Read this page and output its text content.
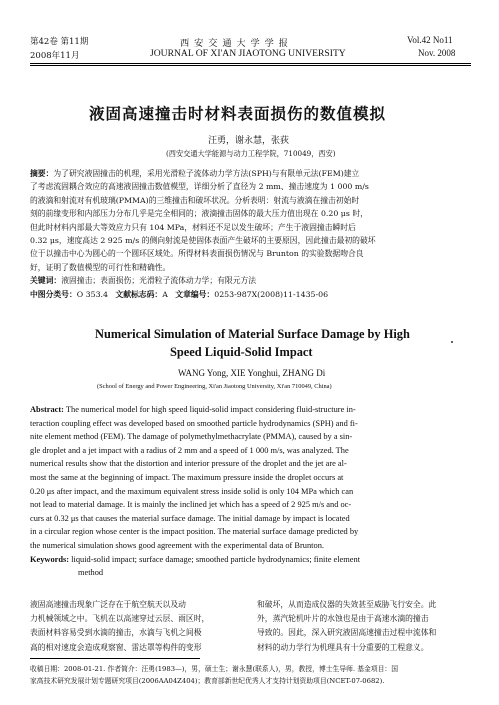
第42卷 第11期
2008年11月
西 安 交 通 大 学 学 报
JOURNAL OF XI'AN JIAOTONG UNIVERSITY
Vol.42 No11
Nov. 2008
液固高速撞击时材料表面损伤的数值模拟
汪勇，谢永慧，张荻
(西安交通大学能源与动力工程学院，710049，西安)
摘要：为了研究液固撞击的机理，采用光滑粒子流体动力学方法(SPH)与有限单元法(FEM)建立
了考虑流固耦合效应的高速液固撞击数值模型，详细分析了直径为 2 mm、撞击速度为 1 000 m/s
的液滴和射流对有机玻璃(PMMA)的三维撞击和破坏状况。分析表明：射流与液滴在撞击初始时
刻的前缘变形和内部压力分布几乎是完全相同的；液滴撞击固体的最大压力值出现在 0.20 μs 时，
但此时材料内部最大等效应力只有 104 MPa，材料还不足以发生破坏；产生于液固撞击瞬时后
0.32 μs，速度高达 2 925 m/s 的侧向射流是使固体表面产生破坏的主要原因，因此撞击最初的破坏
位于以撞击中心为圆心的一个圆环区域处。所得材料表面损伤情况与 Brunton 的实验数据吻合良
好，证明了数值模型的可行性和精确性。
关键词：液固撞击；表面损伤；光滑粒子流体动力学；有限元方法
中图分类号：O 353.4 文献标志码：A 文章编号：0253-987X(2008)11-1435-06
Numerical Simulation of Material Surface Damage by High
Speed Liquid-Solid Impact
WANG Yong, XIE Yonghui, ZHANG Di
(School of Energy and Power Engineering, Xi'an Jiaotong University, Xi'an 710049, China)
Abstract: The numerical model for high speed liquid-solid impact considering fluid-structure in-
teraction coupling effect was developed based on smoothed particle hydrodynamics (SPH) and fi-
nite element method (FEM). The damage of polymethylmethacrylate (PMMA), caused by a sin-
gle droplet and a jet impact with a radius of 2 mm and a speed of 1 000 m/s, was analyzed. The
numerical results show that the distortion and interior pressure of the droplet and the jet are al-
most the same at the beginning of impact. The maximum pressure inside the droplet occurs at
0.20 μs after impact, and the maximum equivalent stress inside solid is only 104 MPa which can
not lead to material damage. It is mainly the inclined jet which has a speed of 2 925 m/s and oc-
curs at 0.32 μs that causes the material surface damage. The initial damage by impact is located
in a circular region whose center is the impact position. The material surface damage predicted by
the numerical simulation shows good agreement with the experimental data of Brunton.
Keywords: liquid-solid impact; surface damage; smoothed particle hydrodynamics; finite element
method
液固高速撞击现象广泛存在于航空航天以及动
力机械领域之中。飞机在以高速穿过云层、雨区时，
表面材料容易受到水滴的撞击，水滴与飞机之间极
高的相对速度会造成观察窗、雷达罩等构件的变形
和破坏，从而造成仪器的失效甚至威胁飞行安全。此
外，蒸汽轮机叶片的水蚀也是由于高速水滴的撞击
导致的。因此，深入研究液固高速撞击过程中流体和
材料的动力学行为机理具有十分重要的工程意义。
收稿日期：2008-01-21. 作者简介：汪勇(1983—)，男，硕士生；谢永慧(联系人)，男，教授，博士生导师. 基金项目：国
家高技术研究发展计划专题研究项目(2006AA04Z404)；教育部新世纪优秀人才支持计划资助项目(NCET-07-0682).
